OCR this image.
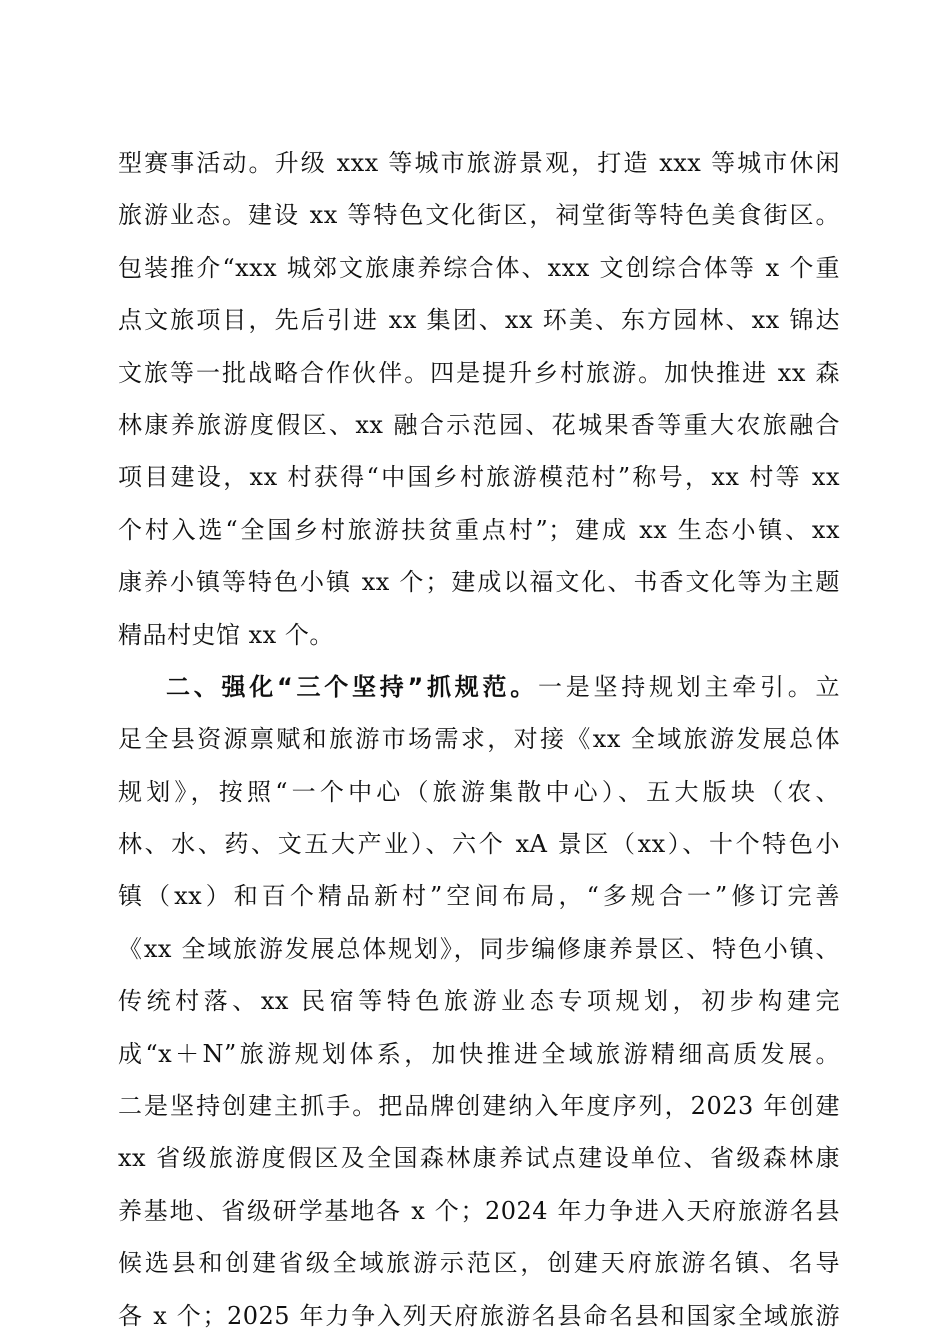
型赛事活动。升级 xxx 等城市旅游景观，打造 xxx 等城市休闲
旅游业态。建设 xx 等特色文化街区，祠堂街等特色美食街区。
包装推介“xxx 城郊文旅康养综合体、xxx 文创综合体等 x 个重
点文旅项目，先后引进 xx 集团、xx 环美、东方园林、xx 锦达
文旅等一批战略合作伙伴。四是提升乡村旅游。加快推进 xx 森
林康养旅游度假区、xx 融合示范园、花城果香等重大农旅融合
项目建设，xx 村获得“中国乡村旅游模范村”称号，xx 村等 xx
个村入选“全国乡村旅游扶贫重点村”；建成 xx 生态小镇、xx
康养小镇等特色小镇 xx 个；建成以福文化、书香文化等为主题
精品村史馆 xx 个。
二、强化“三个坚持”抓规范。一是坚持规划主牵引。立
足全县资源禀赋和旅游市场需求，对接《xx 全域旅游发展总体
规划》，按照“一个中心（旅游集散中心）、五大版块（农、
林、水、药、文五大产业）、六个 xA 景区（xx）、十个特色小
镇（xx）和百个精品新村”空间布局，“多规合一”修订完善
《xx 全域旅游发展总体规划》，同步编修康养景区、特色小镇、
传统村落、xx 民宿等特色旅游业态专项规划，初步构建完
成“x＋N”旅游规划体系，加快推进全域旅游精细高质发展。
二是坚持创建主抓手。把品牌创建纳入年度序列，2023 年创建
xx 省级旅游度假区及全国森林康养试点建设单位、省级森林康
养基地、省级研学基地各 x 个；2024 年力争进入天府旅游名县
候选县和创建省级全域旅游示范区，创建天府旅游名镇、名导
各 x 个；2025 年力争入列天府旅游名县命名县和国家全域旅游
